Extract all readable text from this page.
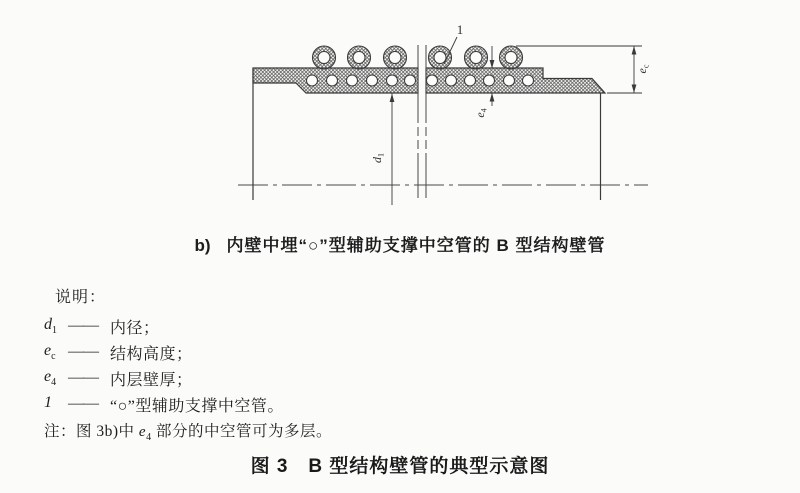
$d_1$
$e_4$
$e_c$
1
b) 内壁中埋“○”型辅助支撑中空管的 B 型结构壁管
说明：
$d_1$ —— 内径；
$e_c$ —— 结构高度；
$e_4$ —— 内层壁厚；
1	—— “○”型辅助支撑中空管。
注：图 3b)中 $e_4$ 部分的中空管可为多层。
图 3　B 型结构壁管的典型示意图
